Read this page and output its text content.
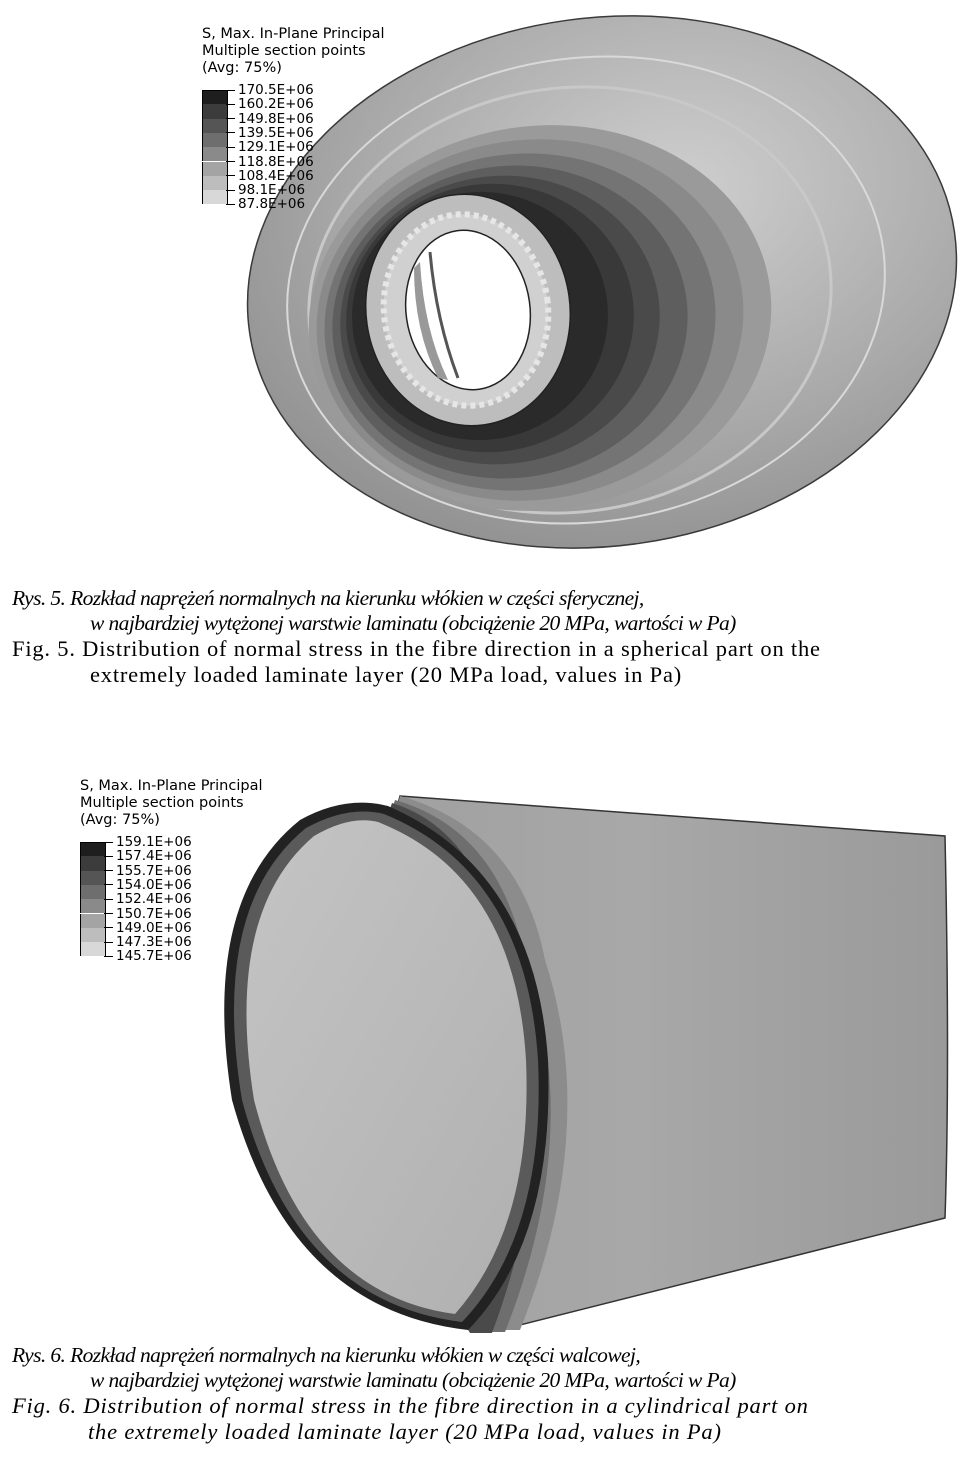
S, Max. In-Plane Principal
Multiple section points
(Avg: 75%)
170.5E+06
160.2E+06
149.8E+06
139.5E+06
129.1E+06
118.8E+06
108.4E+06
98.1E+06
87.8E+06
Rys. 5. Rozkład naprężeń normalnych na kierunku włókien w części sferycznej,
w najbardziej wytężonej warstwie laminatu (obciążenie 20 MPa, wartości w Pa)
Fig. 5. Distribution of normal stress in the fibre direction in a spherical part on the
extremely loaded laminate layer (20 MPa load, values in Pa)
S, Max. In-Plane Principal
Multiple section points
(Avg: 75%)
159.1E+06
157.4E+06
155.7E+06
154.0E+06
152.4E+06
150.7E+06
149.0E+06
147.3E+06
145.7E+06
Rys. 6. Rozkład naprężeń normalnych na kierunku włókien w części walcowej,
w najbardziej wytężonej warstwie laminatu (obciążenie 20 MPa, wartości w Pa)
Fig. 6. Distribution of normal stress in the fibre direction in a cylindrical part on
the extremely loaded laminate layer (20 MPa load, values in Pa)
